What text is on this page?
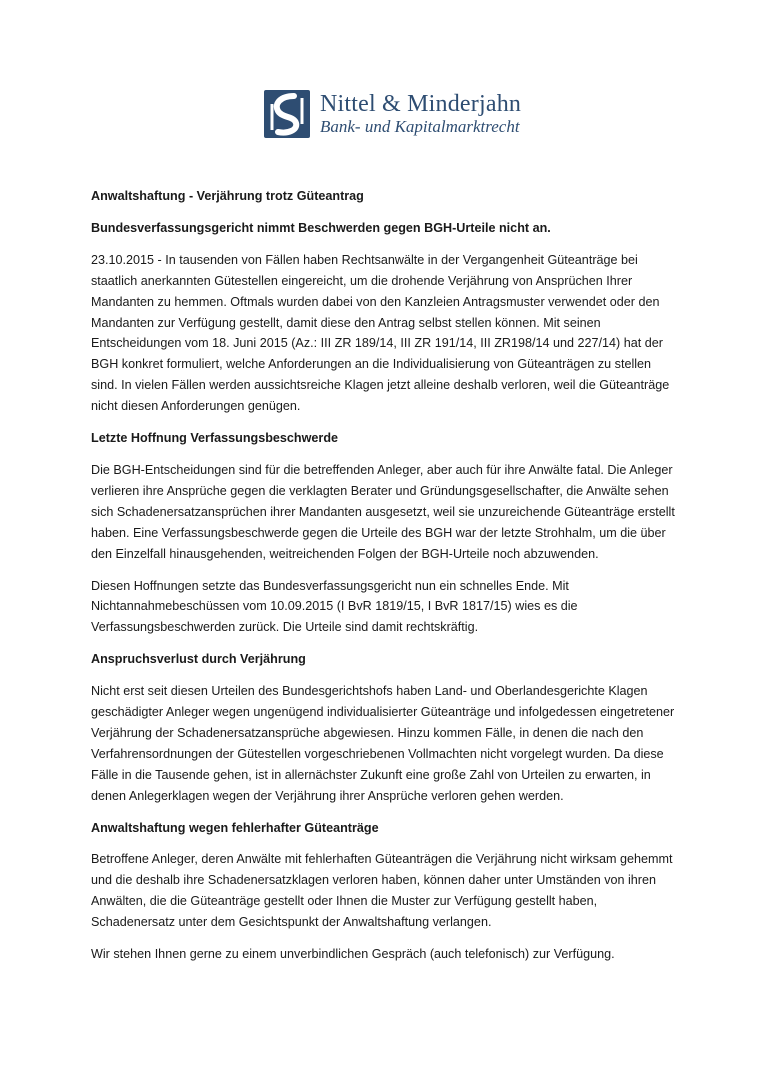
Nittel & Minderjahn
Bank- und Kapitalmarktrecht

Anwaltshaftung - Verjährung trotz Güteantrag

Bundesverfassungsgericht nimmt Beschwerden gegen BGH-Urteile nicht an.

23.10.2015 - In tausenden von Fällen haben Rechtsanwälte in der Vergangenheit Güteanträge bei staatlich anerkannten Gütestellen eingereicht, um die drohende Verjährung von Ansprüchen Ihrer Mandanten zu hemmen. Oftmals wurden dabei von den Kanzleien Antragsmuster verwendet oder den Mandanten zur Verfügung gestellt, damit diese den Antrag selbst stellen können. Mit seinen Entscheidungen vom 18. Juni 2015 (Az.: III ZR 189/14, III ZR 191/14, III ZR198/14 und 227/14) hat der BGH konkret formuliert, welche Anforderungen an die Individualisierung von Güteanträgen zu stellen sind. In vielen Fällen werden aussichtsreiche Klagen jetzt alleine deshalb verloren, weil die Güteanträge nicht diesen Anforderungen genügen.

Letzte Hoffnung Verfassungsbeschwerde

Die BGH-Entscheidungen sind für die betreffenden Anleger, aber auch für ihre Anwälte fatal. Die Anleger verlieren ihre Ansprüche gegen die verklagten Berater und Gründungsgesellschafter, die Anwälte sehen sich Schadenersatzansprüchen ihrer Mandanten ausgesetzt, weil sie unzureichende Güteanträge erstellt haben. Eine Verfassungsbeschwerde gegen die Urteile des BGH war der letzte Strohhalm, um die über den Einzelfall hinausgehenden, weitreichenden Folgen der BGH-Urteile noch abzuwenden.

Diesen Hoffnungen setzte das Bundesverfassungsgericht nun ein schnelles Ende. Mit Nichtannahmebeschüssen vom 10.09.2015 (I BvR 1819/15, I BvR 1817/15) wies es die Verfassungsbeschwerden zurück. Die Urteile sind damit rechtskräftig.

Anspruchsverlust durch Verjährung

Nicht erst seit diesen Urteilen des Bundesgerichtshofs haben Land- und Oberlandesgerichte Klagen geschädigter Anleger wegen ungenügend individualisierter Güteanträge und infolgedessen eingetretener Verjährung der Schadenersatzansprüche abgewiesen. Hinzu kommen Fälle, in denen die nach den Verfahrensordnungen der Gütestellen vorgeschriebenen Vollmachten nicht vorgelegt wurden. Da diese Fälle in die Tausende gehen, ist in allernächster Zukunft eine große Zahl von Urteilen zu erwarten, in denen Anlegerklagen wegen der Verjährung ihrer Ansprüche verloren gehen werden.

Anwaltshaftung wegen fehlerhafter Güteanträge

Betroffene Anleger, deren Anwälte mit fehlerhaften Güteanträgen die Verjährung nicht wirksam gehemmt und die deshalb ihre Schadenersatzklagen verloren haben, können daher unter Umständen von ihren Anwälten, die die Güteanträge gestellt oder Ihnen die Muster zur Verfügung gestellt haben, Schadenersatz unter dem Gesichtspunkt der Anwaltshaftung verlangen.

Wir stehen Ihnen gerne zu einem unverbindlichen Gespräch (auch telefonisch) zur Verfügung.
